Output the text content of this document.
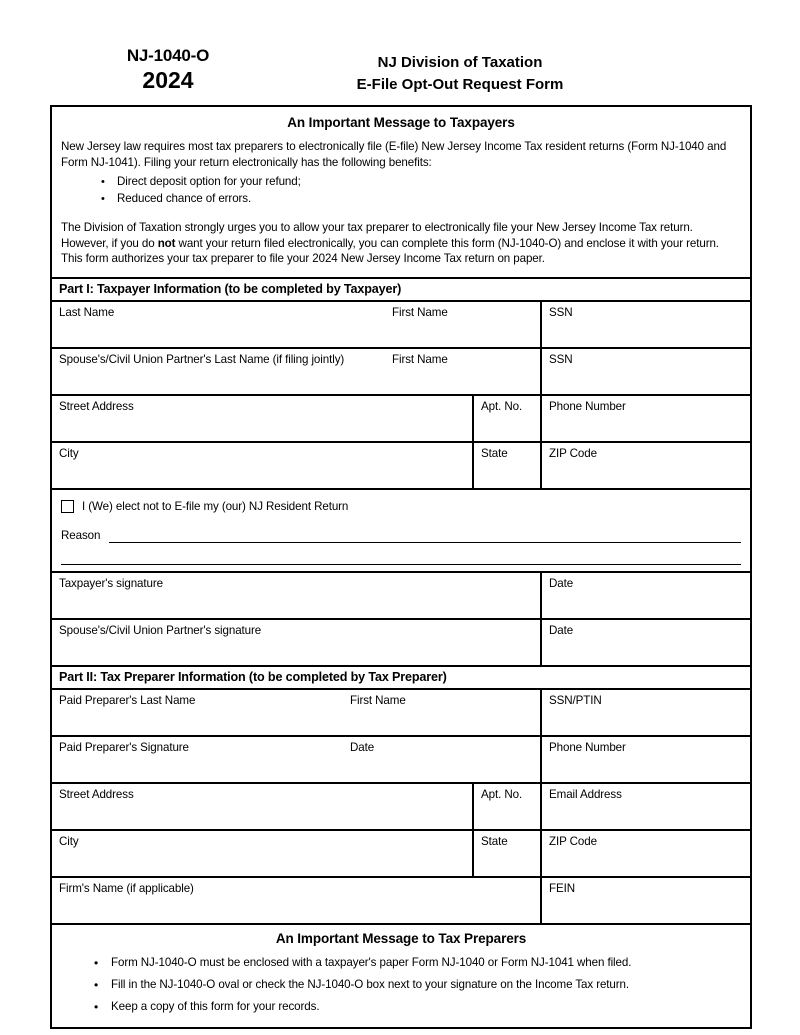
NJ-1040-O
2024
NJ Division of Taxation
E-File Opt-Out Request Form
An Important Message to Taxpayers

New Jersey law requires most tax preparers to electronically file (E-file) New Jersey Income Tax resident returns (Form NJ-1040 and Form NJ-1041). Filing your return electronically has the following benefits:

• Direct deposit option for your refund;
• Reduced chance of errors.

The Division of Taxation strongly urges you to allow your tax preparer to electronically file your New Jersey Income Tax return. However, if you do not want your return filed electronically, you can complete this form (NJ-1040-O) and enclose it with your return. This form authorizes your tax preparer to file your 2024 New Jersey Income Tax return on paper.

Part I: Taxpayer Information (to be completed by Taxpayer)
Last Name	First Name	SSN
Spouse's/Civil Union Partner's Last Name (if filing jointly)	First Name	SSN
Street Address	Apt. No.	Phone Number
City	State	ZIP Code
I (We) elect not to E-file my (our) NJ Resident Return
Reason
Taxpayer's signature	Date
Spouse's/Civil Union Partner's signature	Date
Part II: Tax Preparer Information (to be completed by Tax Preparer)
Paid Preparer's Last Name	First Name	SSN/PTIN
Paid Preparer's Signature	Date	Phone Number
Street Address	Apt. No.	Email Address
City	State	ZIP Code
Firm's Name (if applicable)	FEIN
An Important Message to Tax Preparers
• Form NJ-1040-O must be enclosed with a taxpayer's paper Form NJ-1040 or Form NJ-1041 when filed.
• Fill in the NJ-1040-O oval or check the NJ-1040-O box next to your signature on the Income Tax return.
• Keep a copy of this form for your records.
